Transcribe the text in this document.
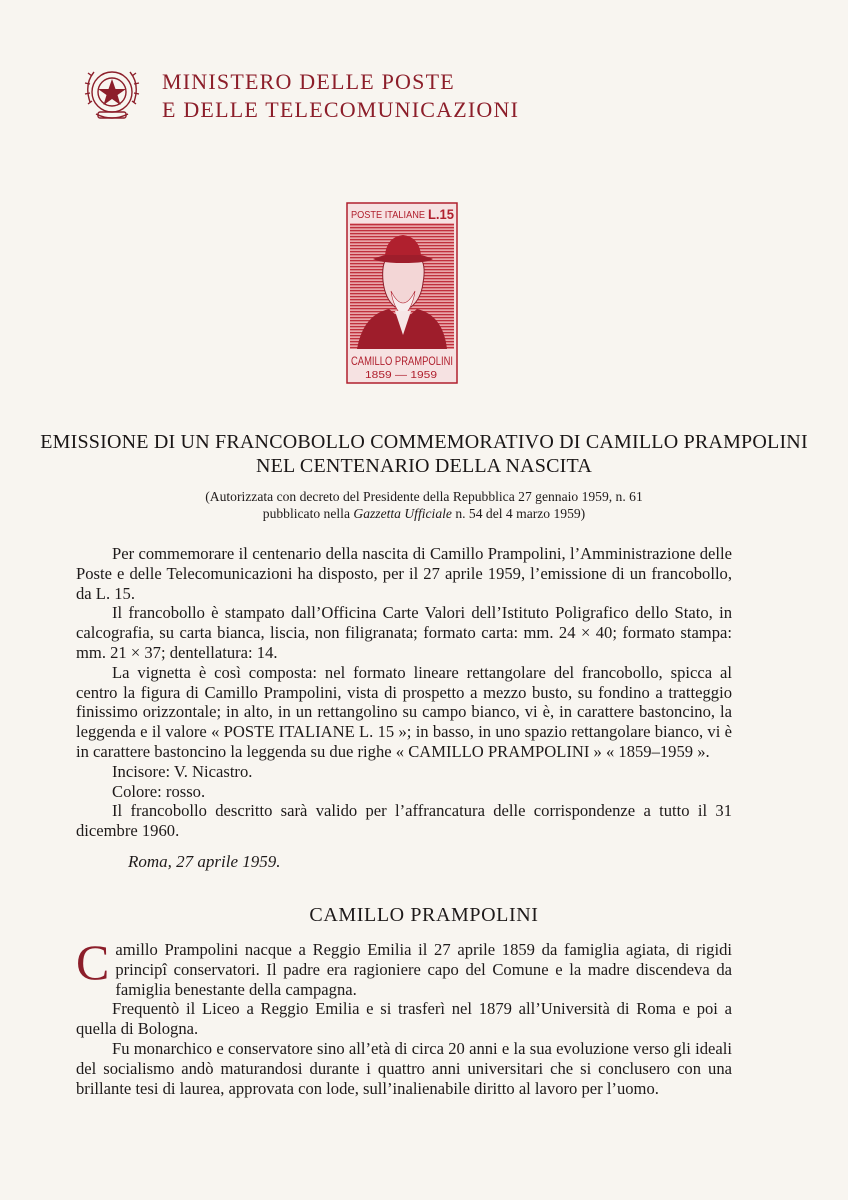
MINISTERO DELLE POSTE
E DELLE TELECOMUNICAZIONI
POSTE ITALIANE L.15
CAMILLO PRAMPOLINI
1859 — 1959
EMISSIONE DI UN FRANCOBOLLO COMMEMORATIVO DI CAMILLO PRAMPOLINI
NEL CENTENARIO DELLA NASCITA
(Autorizzata con decreto del Presidente della Repubblica 27 gennaio 1959, n. 61
pubblicato nella Gazzetta Ufficiale n. 54 del 4 marzo 1959)

Per commemorare il centenario della nascita di Camillo Prampolini, l’Amministrazione delle Poste e delle Telecomunicazioni ha disposto, per il 27 aprile 1959, l’emissione di un francobollo, da L. 15.

Il francobollo è stampato dall’Officina Carte Valori dell’Istituto Poligrafico dello Stato, in calcografia, su carta bianca, liscia, non filigranata; formato carta: mm. 24 × 40; formato stampa: mm. 21 × 37; dentellatura: 14.

La vignetta è così composta: nel formato lineare rettangolare del francobollo, spicca al centro la figura di Camillo Prampolini, vista di prospetto a mezzo busto, su fondino a tratteggio finissimo orizzontale; in alto, in un rettangolino su campo bianco, vi è, in carattere bastoncino, la leggenda e il valore « POSTE ITALIANE L. 15 »; in basso, in uno spazio rettangolare bianco, vi è in carattere bastoncino la leggenda su due righe « CAMILLO PRAMPOLINI » « 1859–1959 ».

Incisore: V. Nicastro.

Colore: rosso.

Il francobollo descritto sarà valido per l’affrancatura delle corrispondenze a tutto il 31 dicembre 1960.

Roma, 27 aprile 1959.
CAMILLO PRAMPOLINI

Camillo Prampolini nacque a Reggio Emilia il 27 aprile 1859 da famiglia agiata, di rigidi principî conservatori. Il padre era ragioniere capo del Comune e la madre discendeva da famiglia benestante della campagna.

Frequentò il Liceo a Reggio Emilia e si trasferì nel 1879 all’Università di Roma e poi a quella di Bologna.

Fu monarchico e conservatore sino all’età di circa 20 anni e la sua evoluzione verso gli ideali del socialismo andò maturandosi durante i quattro anni universitari che si conclusero con una brillante tesi di laurea, approvata con lode, sull’inalienabile diritto al lavoro per l’uomo.
